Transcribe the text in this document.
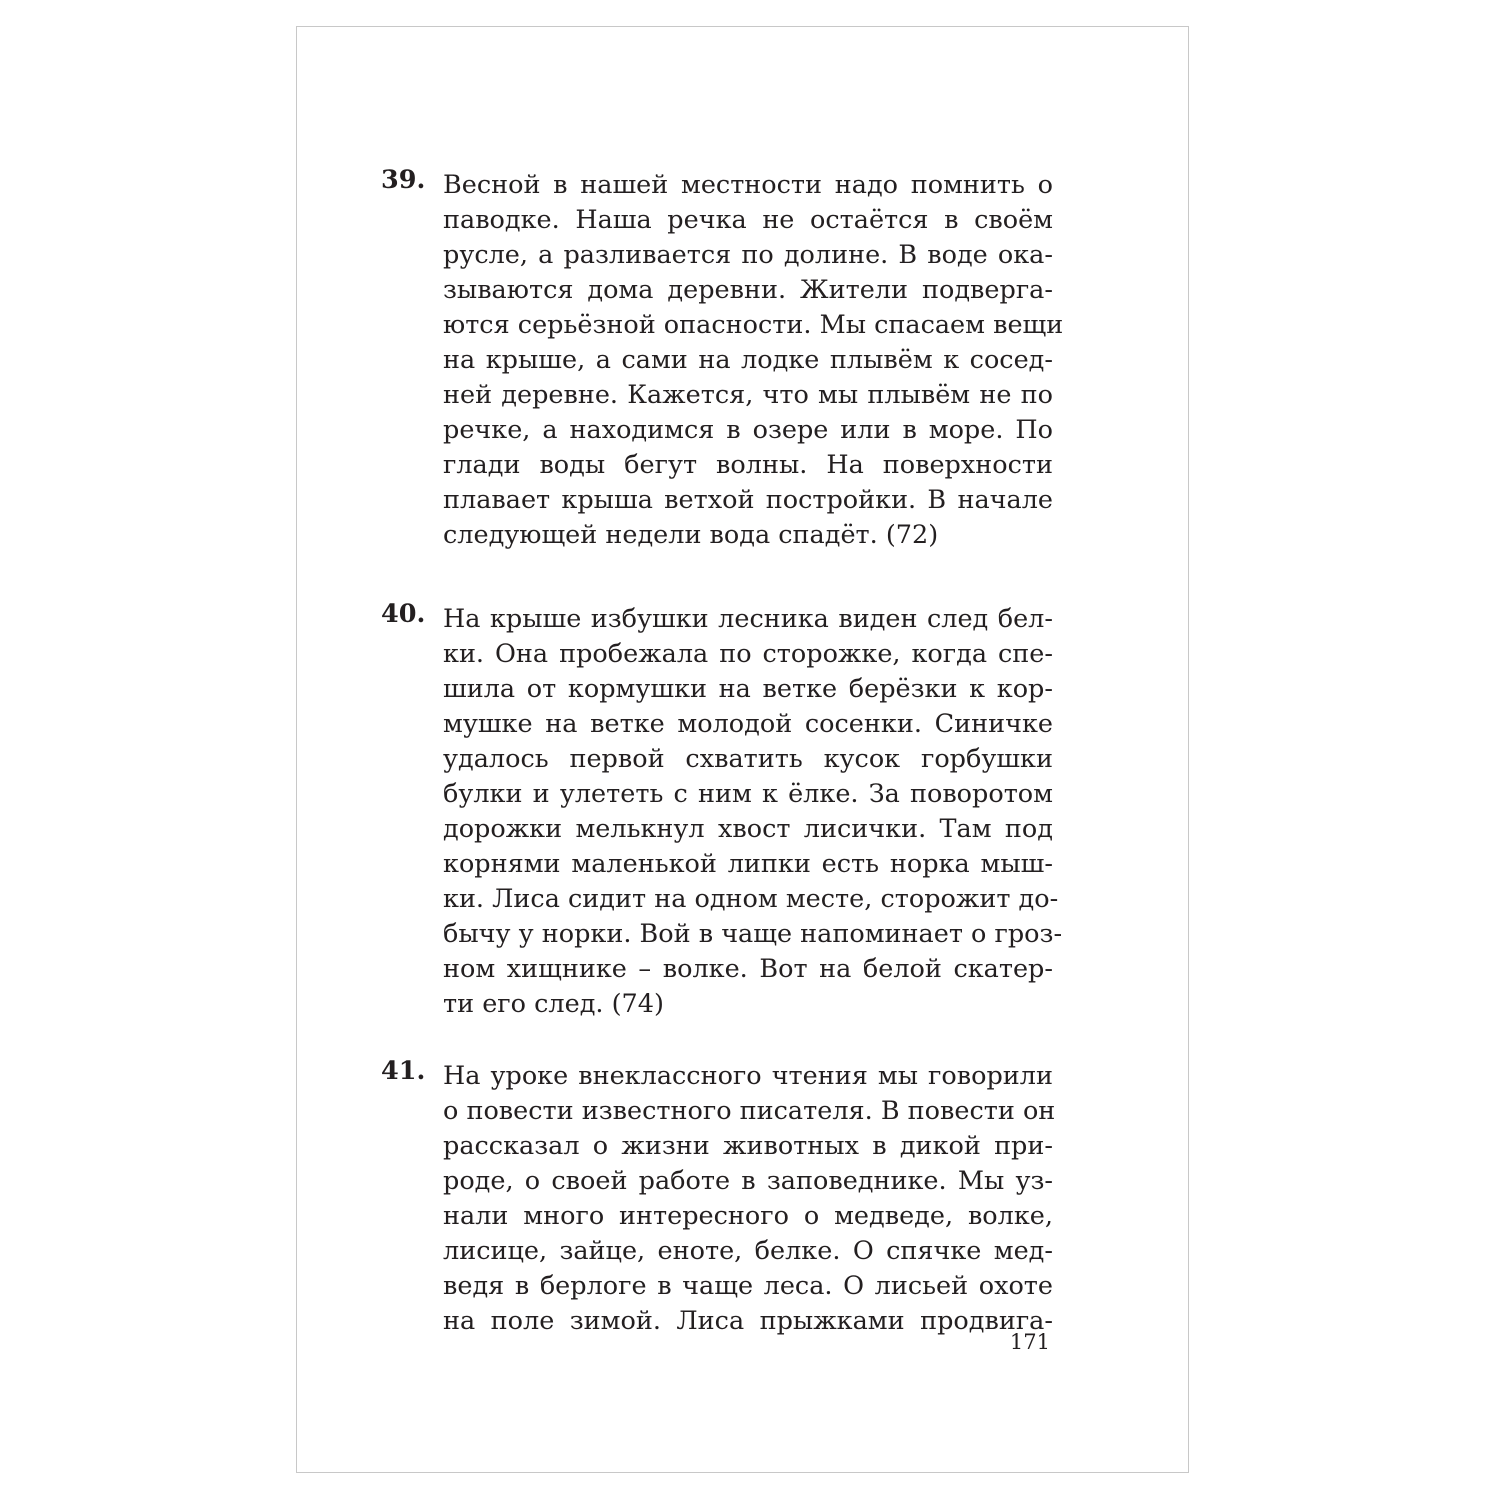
39. Весной в нашей местности надо помнить о
паводке. Наша речка не остаётся в своём
русле, а разливается по долине. В воде ока-
зываются дома деревни. Жители подверга-
ются серьёзной опасности. Мы спасаем вещи
на крыше, а сами на лодке плывём к сосед-
ней деревне. Кажется, что мы плывём не по
речке, а находимся в озере или в море. По
глади воды бегут волны. На поверхности
плавает крыша ветхой постройки. В начале
следующей недели вода спадёт. (72)
40. На крыше избушки лесника виден след бел-
ки. Она пробежала по сторожке, когда спе-
шила от кормушки на ветке берёзки к кор-
мушке на ветке молодой сосенки. Синичке
удалось первой схватить кусок горбушки
булки и улететь с ним к ёлке. За поворотом
дорожки мелькнул хвост лисички. Там под
корнями маленькой липки есть норка мыш-
ки. Лиса сидит на одном месте, сторожит до-
бычу у норки. Вой в чаще напоминает о гроз-
ном хищнике – волке. Вот на белой скатер-
ти его след. (74)
41. На уроке внеклассного чтения мы говорили
о повести известного писателя. В повести он
рассказал о жизни животных в дикой при-
роде, о своей работе в заповеднике. Мы уз-
нали много интересного о медведе, волке,
лисице, зайце, еноте, белке. О спячке мед-
ведя в берлоге в чаще леса. О лисьей охоте
на поле зимой. Лиса прыжками продвига-
171
